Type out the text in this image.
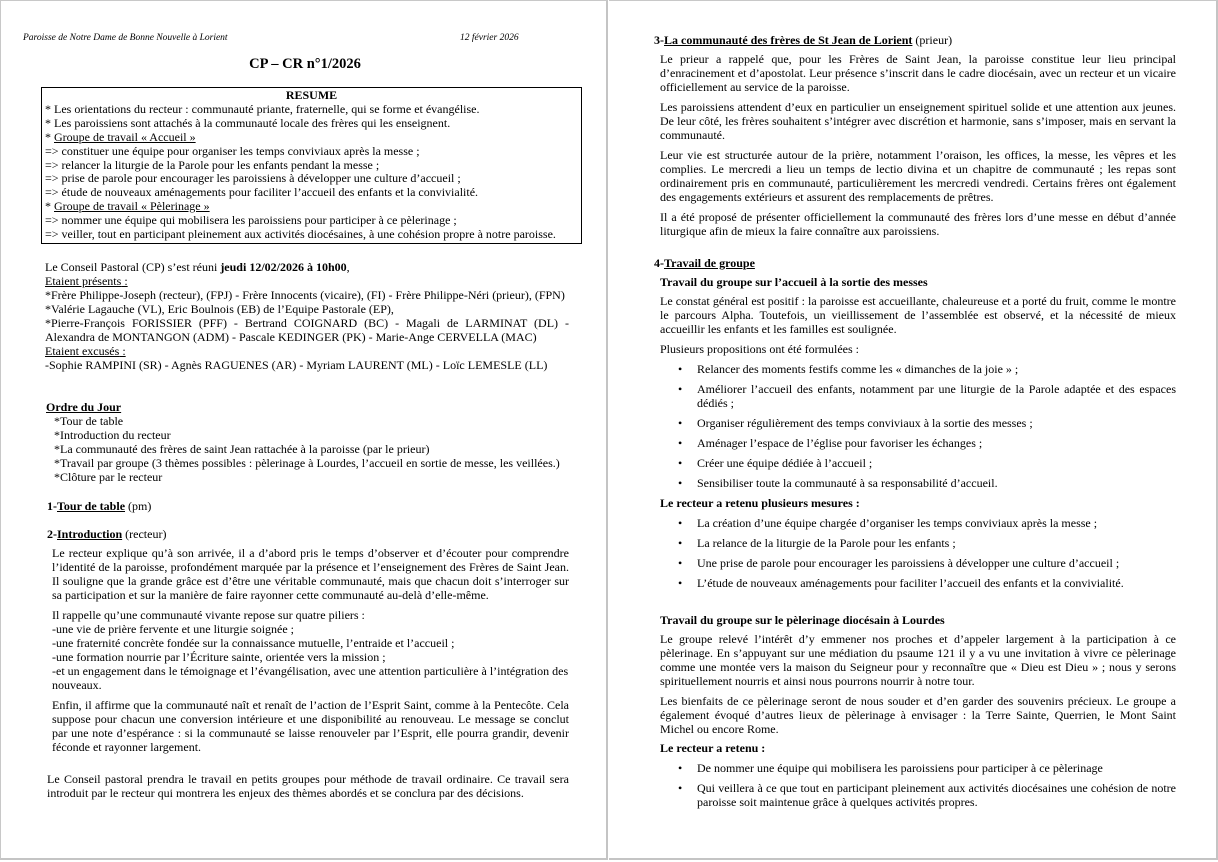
Paroisse de Notre Dame de Bonne Nouvelle à Lorient	12 février 2026
CP – CR n°1/2026
RESUME
* Les orientations du recteur : communauté priante, fraternelle, qui se forme et évangélise.
* Les paroissiens sont attachés à la communauté locale des frères qui les enseignent.
* Groupe de travail « Accueil »
=> constituer une équipe pour organiser les temps conviviaux après la messe ;
=> relancer la liturgie de la Parole pour les enfants pendant la messe ;
=> prise de parole pour encourager les paroissiens à développer une culture d’accueil ;
=> étude de nouveaux aménagements pour faciliter l’accueil des enfants et la convivialité.
* Groupe de travail « Pèlerinage »
=> nommer une équipe qui mobilisera les paroissiens pour participer à ce pèlerinage ;
=> veiller, tout en participant pleinement aux activités diocésaines, à une cohésion propre à notre paroisse.

Le Conseil Pastoral (CP) s’est réuni jeudi 12/02/2026 à 10h00,

Etaient présents :

*Frère Philippe-Joseph (recteur), (FPJ) - Frère Innocents (vicaire), (FI) - Frère Philippe-Néri (prieur), (FPN)

*Valérie Lagauche (VL), Eric Boulnois (EB) de l’Equipe Pastorale (EP),

*Pierre-François FORISSIER (PFF) - Bertrand COIGNARD (BC) - Magali de LARMINAT (DL) - Alexandra de MONTANGON (ADM) - Pascale KEDINGER (PK) - Marie-Ange CERVELLA (MAC)

Etaient excusés :

-Sophie RAMPINI (SR) - Agnès RAGUENES (AR) - Myriam LAURENT (ML) - Loïc LEMESLE (LL)

Ordre du Jour

*Tour de table

*Introduction du recteur

*La communauté des frères de saint Jean rattachée à la paroisse (par le prieur)

*Travail par groupe (3 thèmes possibles : pèlerinage à Lourdes, l’accueil en sortie de messe, les veillées.)

*Clôture par le recteur

1-Tour de table (pm)
2-Introduction (recteur)

Le recteur explique qu’à son arrivée, il a d’abord pris le temps d’observer et d’écouter pour comprendre l’identité de la paroisse, profondément marquée par la présence et l’enseignement des Frères de Saint Jean. Il souligne que la grande grâce est d’être une véritable communauté, mais que chacun doit s’interroger sur sa participation et sur la manière de faire rayonner cette communauté au-delà d’elle-même.

Il rappelle qu’une communauté vivante repose sur quatre piliers :

-une vie de prière fervente et une liturgie soignée ;

-une fraternité concrète fondée sur la connaissance mutuelle, l’entraide et l’accueil ;

-une formation nourrie par l’Écriture sainte, orientée vers la mission ;

-et un engagement dans le témoignage et l’évangélisation, avec une attention particulière à l’intégration des nouveaux.

Enfin, il affirme que la communauté naît et renaît de l’action de l’Esprit Saint, comme à la Pentecôte. Cela suppose pour chacun une conversion intérieure et une disponibilité au renouveau. Le message se conclut par une note d’espérance : si la communauté se laisse renouveler par l’Esprit, elle pourra grandir, devenir féconde et rayonner largement.

Le Conseil pastoral prendra le travail en petits groupes pour méthode de travail ordinaire. Ce travail sera introduit par le recteur qui montrera les enjeux des thèmes abordés et se conclura par des décisions.
3-La communauté des frères de St Jean de Lorient (prieur)

Le prieur a rappelé que, pour les Frères de Saint Jean, la paroisse constitue leur lieu principal d’enracinement et d’apostolat. Leur présence s’inscrit dans le cadre diocésain, avec un recteur et un vicaire officiellement au service de la paroisse.

Les paroissiens attendent d’eux en particulier un enseignement spirituel solide et une attention aux jeunes. De leur côté, les frères souhaitent s’intégrer avec discrétion et harmonie, sans s’imposer, mais en servant la communauté.

Leur vie est structurée autour de la prière, notamment l’oraison, les offices, la messe, les vêpres et les complies. Le mercredi a lieu un temps de lectio divina et un chapitre de communauté ; les repas sont ordinairement pris en communauté, particulièrement les mercredi vendredi. Certains frères ont également des engagements extérieurs et assurent des remplacements de prêtres.

Il a été proposé de présenter officiellement la communauté des frères lors d’une messe en début d’année liturgique afin de mieux la faire connaître aux paroissiens.

4-Travail de groupe

Travail du groupe sur l’accueil à la sortie des messes

Le constat général est positif : la paroisse est accueillante, chaleureuse et a porté du fruit, comme le montre le parcours Alpha. Toutefois, un vieillissement de l’assemblée est observé, et la nécessité de mieux accueillir les enfants et les familles est soulignée.

Plusieurs propositions ont été formulées :

• Relancer des moments festifs comme les « dimanches de la joie » ;
• Améliorer l’accueil des enfants, notamment par une liturgie de la Parole adaptée et des espaces dédiés ;
• Organiser régulièrement des temps conviviaux à la sortie des messes ;
• Aménager l’espace de l’église pour favoriser les échanges ;
• Créer une équipe dédiée à l’accueil ;
• Sensibiliser toute la communauté à sa responsabilité d’accueil.

Le recteur a retenu plusieurs mesures :

• La création d’une équipe chargée d’organiser les temps conviviaux après la messe ;
• La relance de la liturgie de la Parole pour les enfants ;
• Une prise de parole pour encourager les paroissiens à développer une culture d’accueil ;
• L’étude de nouveaux aménagements pour faciliter l’accueil des enfants et la convivialité.

Travail du groupe sur le pèlerinage diocésain à Lourdes

Le groupe relevé l’intérêt d’y emmener nos proches et d’appeler largement à la participation à ce pèlerinage. En s’appuyant sur une médiation du psaume 121 il y a vu une invitation à vivre ce pèlerinage comme une montée vers la maison du Seigneur pour y reconnaître que « Dieu est Dieu » ; nous y serons spirituellement nourris et ainsi nous pourrons nourrir à notre tour.

Les bienfaits de ce pèlerinage seront de nous souder et d’en garder des souvenirs précieux. Le groupe a également évoqué d’autres lieux de pèlerinage à envisager : la Terre Sainte, Querrien, le Mont Saint Michel ou encore Rome.

Le recteur a retenu :

• De nommer une équipe qui mobilisera les paroissiens pour participer à ce pèlerinage
• Qui veillera à ce que tout en participant pleinement aux activités diocésaines une cohésion de notre paroisse soit maintenue grâce à quelques activités propres.
